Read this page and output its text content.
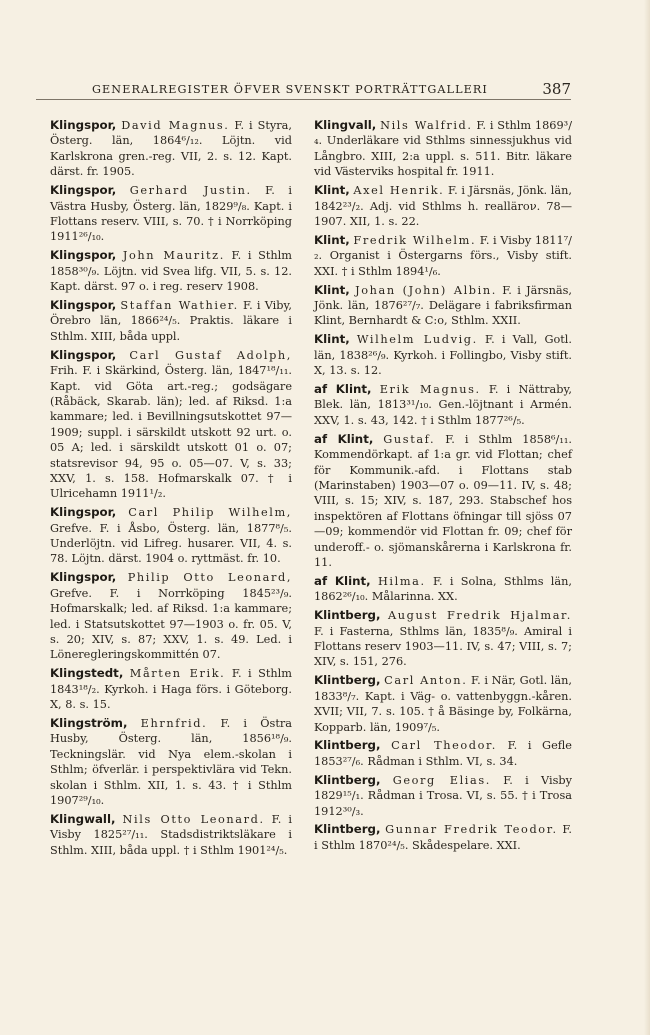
GENERALREGISTER ÖFVER SVENSKT PORTRÄTTGALLERI	387

Klingspor, David Magnus. F. i Styra, Österg. län, 1864⁶/₁₂. Löjtn. vid Karlskrona gren.-reg. VII, 2. s. 12. Kapt. därst. fr. 1905.

Klingspor, Gerhard Justin. F. i Västra Husby, Österg. län, 1829⁹/₈. Kapt. i Flottans reserv. VIII, s. 70. † i Norrköping 1911²⁶/₁₀.

Klingspor, John Mauritz. F. i Sthlm 1858³⁰/₉. Löjtn. vid Svea lifg. VII, 5. s. 12. Kapt. därst. 97 o. i reg. reserv 1908.

Klingspor, Staffan Wathier. F. i Viby, Örebro län, 1866²⁴/₅. Praktis. läkare i Sthlm. XIII, båda uppl.

Klingspor, Carl Gustaf Adolph, Frih. F. i Skärkind, Österg. län, 1847¹⁸/₁₁. Kapt. vid Göta art.-reg.; godsägare (Råbäck, Skarab. län); led. af Riksd. 1:a kammare; led. i Bevillningsutskottet 97—1909; suppl. i särskildt utskott 92 urt. o. 05 A; led. i särskildt utskott 01 o. 07; statsrevisor 94, 95 o. 05—07. V, s. 33; XXV, 1. s. 158. Hofmarskalk 07. † i Ulricehamn 1911¹/₂.

Klingspor, Carl Philip Wilhelm, Grefve. F. i Åsbo, Österg. län, 1877⁸/₅. Underlöjtn. vid Lifreg. husarer. VII, 4. s. 78. Löjtn. därst. 1904 o. ryttmäst. fr. 10.

Klingspor, Philip Otto Leonard, Grefve. F. i Norrköping 1845²³/₉. Hofmarskalk; led. af Riksd. 1:a kammare; led. i Statsutskottet 97—1903 o. fr. 05. V, s. 20; XIV, s. 87; XXV, 1. s. 49. Led. i Löneregleringskommittén 07.

Klingstedt, Mårten Erik. F. i Sthlm 1843¹⁸/₂. Kyrkoh. i Haga förs. i Göteborg. X, 8. s. 15.

Klingström, Ehrnfrid. F. i Östra Husby, Österg. län, 1856¹⁸/₉. Teckningslär. vid Nya elem.-skolan i Sthlm; öfverlär. i perspektivlära vid Tekn. skolan i Sthlm. XII, 1. s. 43. † i Sthlm 1907²⁹/₁₀.

Klingwall, Nils Otto Leonard. F. i Visby 1825²⁷/₁₁. Stadsdistriktsläkare i Sthlm. XIII, båda uppl. † i Sthlm 1901²⁴/₅.

Klingvall, Nils Walfrid. F. i Sthlm 1869³/₄. Underläkare vid Sthlms sinnessjukhus vid Långbro. XIII, 2:a uppl. s. 511. Bitr. läkare vid Västerviks hospital fr. 1911.

Klint, Axel Henrik. F. i Järsnäs, Jönk. län, 1842²³/₂. Adj. vid Sthlms h. realläroν. 78—1907. XII, 1. s. 22.

Klint, Fredrik Wilhelm. F. i Visby 1811⁷/₂. Organist i Östergarns förs., Visby stift. XXI. † i Sthlm 1894¹/₆.

Klint, Johan (John) Albin. F. i Järsnäs, Jönk. län, 1876²⁷/₇. Delägare i fabriksfirman Klint, Bernhardt & C:o, Sthlm. XXII.

Klint, Wilhelm Ludvig. F. i Vall, Gotl. län, 1838²⁶/₉. Kyrkoh. i Follingbo, Visby stift. X, 13. s. 12.

af Klint, Erik Magnus. F. i Nättraby, Blek. län, 1813³¹/₁₀. Gen.-löjtnant i Armén. XXV, 1. s. 43, 142. † i Sthlm 1877²⁶/₅.

af Klint, Gustaf. F. i Sthlm 1858⁶/₁₁. Kommendörkapt. af 1:a gr. vid Flottan; chef för Kommunik.-afd. i Flottans stab (Marinstaben) 1903—07 o. 09—11. IV, s. 48; VIII, s. 15; XIV, s. 187, 293. Stabschef hos inspektören af Flottans öfningar till sjöss 07—09; kommendör vid Flottan fr. 09; chef för underoff.- o. sjömanskårerna i Karlskrona fr. 11.

af Klint, Hilma. F. i Solna, Sthlms län, 1862²⁶/₁₀. Målarinna. XX.

Klintberg, August Fredrik Hjalmar. F. i Fasterna, Sthlms län, 1835⁸/₉. Amiral i Flottans reserv 1903—11. IV, s. 47; VIII, s. 7; XIV, s. 151, 276.

Klintberg, Carl Anton. F. i När, Gotl. län, 1833⁸/₇. Kapt. i Väg- o. vattenbyggn.-kåren. XVII; VII, 7. s. 105. † å Bäsinge by, Folkärna, Kopparb. län, 1909⁷/₅.

Klintberg, Carl Theodor. F. i Gefle 1853²⁷/₆. Rådman i Sthlm. VI, s. 34.

Klintberg, Georg Elias. F. i Visby 1829¹⁵/₁. Rådman i Trosa. VI, s. 55. † i Trosa 1912³⁰/₃.

Klintberg, Gunnar Fredrik Teodor. F. i Sthlm 1870²⁴/₅. Skådespelare. XXI.
